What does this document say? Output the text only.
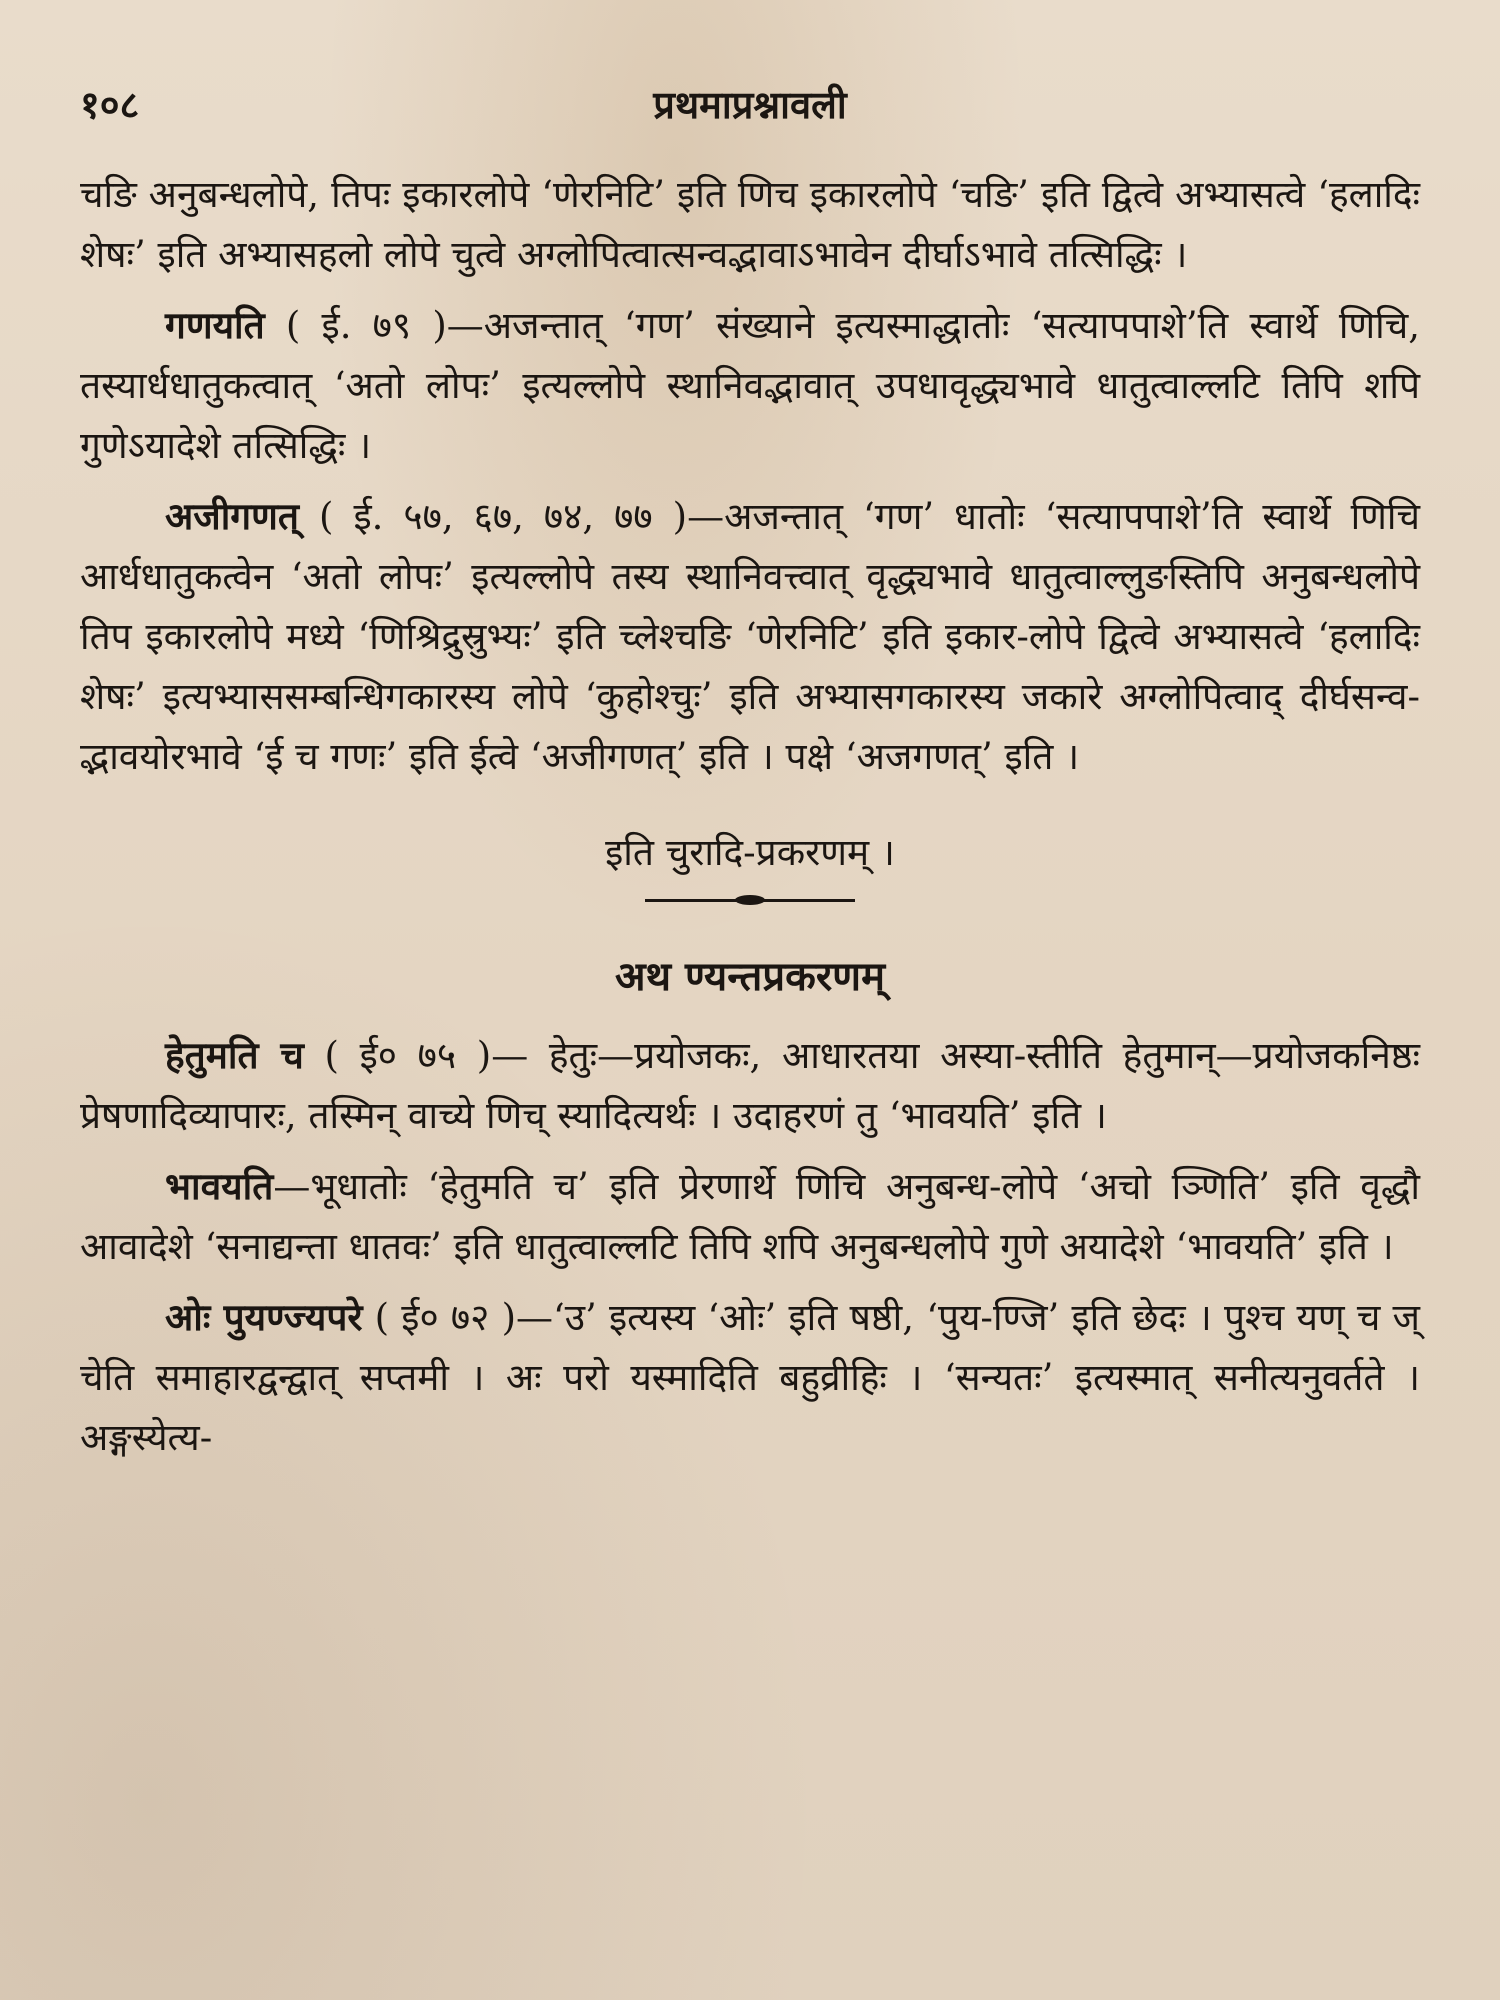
१०८	प्रथमाप्रश्नावली

चङि अनुबन्धलोपे, तिपः इकारलोपे ‘णेरनिटि’ इति णिच इकारलोपे ‘चङि’ इति द्वित्वे अभ्यासत्वे ‘हलादिः शेषः’ इति अभ्यासहलो लोपे चुत्वे अग्लोपित्वात्सन्वद्भावाऽभावेन दीर्घाऽभावे तत्सिद्धिः ।

गणयति ( ई. ७९ )—अजन्तात् ‘गण’ संख्याने इत्यस्माद्धातोः ‘सत्यापपाशे’ति स्वार्थे णिचि, तस्यार्धधातुकत्वात् ‘अतो लोपः’ इत्यल्लोपे स्थानिवद्भावात् उपधावृद्ध्यभावे धातुत्वाल्लटि तिपि शपि गुणेऽयादेशे तत्सिद्धिः ।

अजीगणत् ( ई. ५७, ६७, ७४, ७७ )—अजन्तात् ‘गण’ धातोः ‘सत्यापपाशे’ति स्वार्थे णिचि आर्धधातुकत्वेन ‘अतो लोपः’ इत्यल्लोपे तस्य स्थानिवत्त्वात् वृद्ध्यभावे धातुत्वाल्लुङस्तिपि अनुबन्धलोपे तिप इकारलोपे मध्ये ‘णिश्रिद्रुस्रुभ्यः’ इति च्लेश्चङि ‘णेरनिटि’ इति इकार-लोपे द्वित्वे अभ्यासत्वे ‘हलादिः शेषः’ इत्यभ्याससम्बन्धिगकारस्य लोपे ‘कुहोश्चुः’ इति अभ्यासगकारस्य जकारे अग्लोपित्वाद् दीर्घसन्व-द्भावयोरभावे ‘ई च गणः’ इति ईत्वे ‘अजीगणत्’ इति । पक्षे ‘अजगणत्’ इति ।

इति चुरादि-प्रकरणम् ।
अथ ण्यन्तप्रकरणम्

हेतुमति च ( ई० ७५ )— हेतुः—प्रयोजकः, आधारतया अस्या-स्तीति हेतुमान्—प्रयोजकनिष्ठः प्रेषणादिव्यापारः, तस्मिन् वाच्ये णिच् स्यादित्यर्थः । उदाहरणं तु ‘भावयति’ इति ।

भावयति—भूधातोः ‘हेतुमति च’ इति प्रेरणार्थे णिचि अनुबन्ध-लोपे ‘अचो ञ्णिति’ इति वृद्धौ आवादेशे ‘सनाद्यन्ता धातवः’ इति धातुत्वाल्लटि तिपि शपि अनुबन्धलोपे गुणे अयादेशे ‘भावयति’ इति ।

ओः पुयण्ज्यपरे ( ई० ७२ )—‘उ’ इत्यस्य ‘ओः’ इति षष्ठी, ‘पुय-ण्जि’ इति छेदः । पुश्च यण् च ज् चेति समाहारद्वन्द्वात् सप्तमी । अः परो यस्मादिति बहुव्रीहिः । ‘सन्यतः’ इत्यस्मात् सनीत्यनुवर्तते । अङ्गस्येत्य-
